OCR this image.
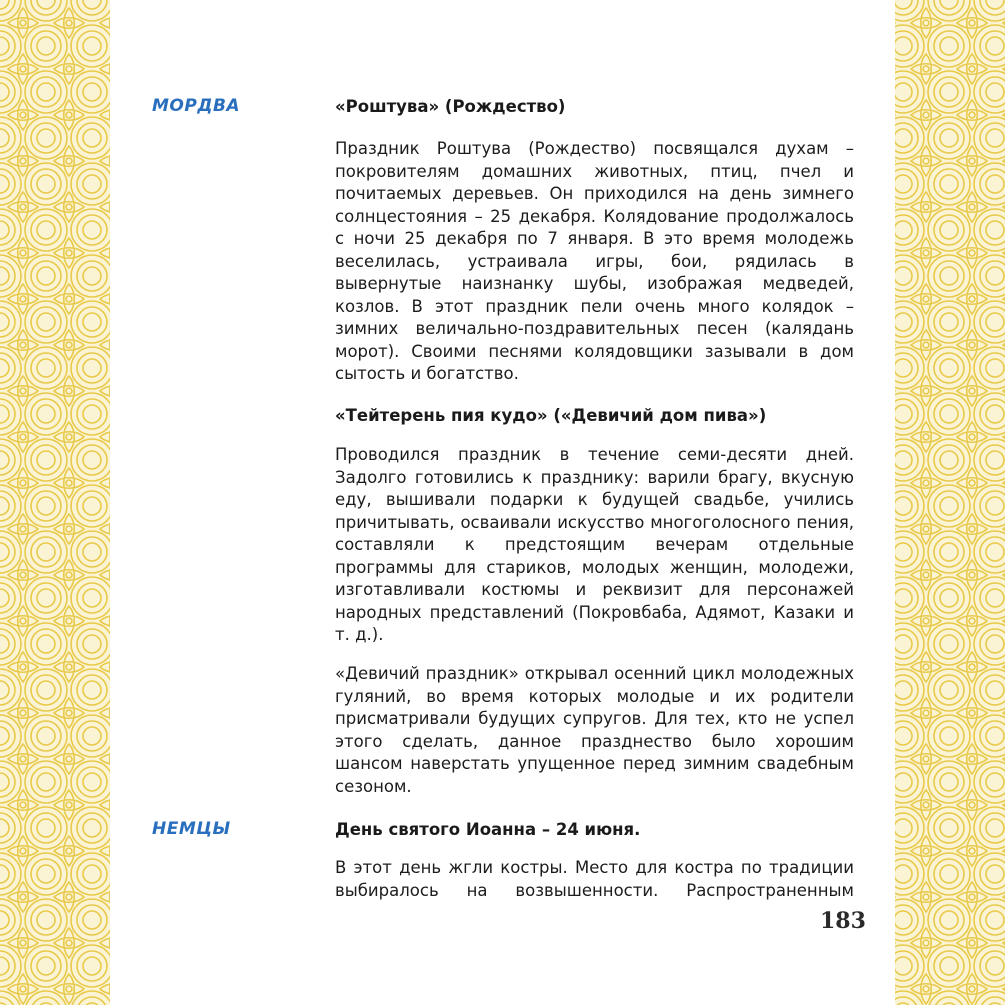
МОРДВА	«Роштува» (Рождество)

Праздник Роштува (Рождество) посвящался духам – покровителям домашних животных, птиц, пчел и почитаемых деревьев. Он приходился на день зимнего солнцестояния – 25 декабря. Колядование продолжалось с ночи 25 декабря по 7 января. В это время молодежь веселилась, устраивала игры, бои, рядилась в вывернутые наизнанку шубы, изображая медведей, козлов. В этот праздник пели очень много колядок – зимних величально-поздравительных песен (калядань морот). Своими песнями колядовщики зазывали в дом сытость и богатство.

«Тейтерень пия кудо» («Девичий дом пива»)

Проводился праздник в течение семи-десяти дней. Задолго готовились к празднику: варили брагу, вкусную еду, вышивали подарки к будущей свадьбе, учились причитывать, осваивали искусство многоголосного пения, составляли к предстоящим вечерам отдельные программы для стариков, молодых женщин, молодежи, изготавливали костюмы и реквизит для персонажей народных представлений (Покровбаба, Адямот, Казаки и т. д.).

«Девичий праздник» открывал осенний цикл молодежных гуляний, во время которых молодые и их родители присматривали будущих супругов. Для тех, кто не успел этого сделать, данное празднество было хорошим шансом наверстать упущенное перед зимним свадебным сезоном.

НЕМЦЫ	День святого Иоанна – 24 июня.

В этот день жгли костры. Место для костра по традиции выбиралось на возвышенности. Распространенным

183
